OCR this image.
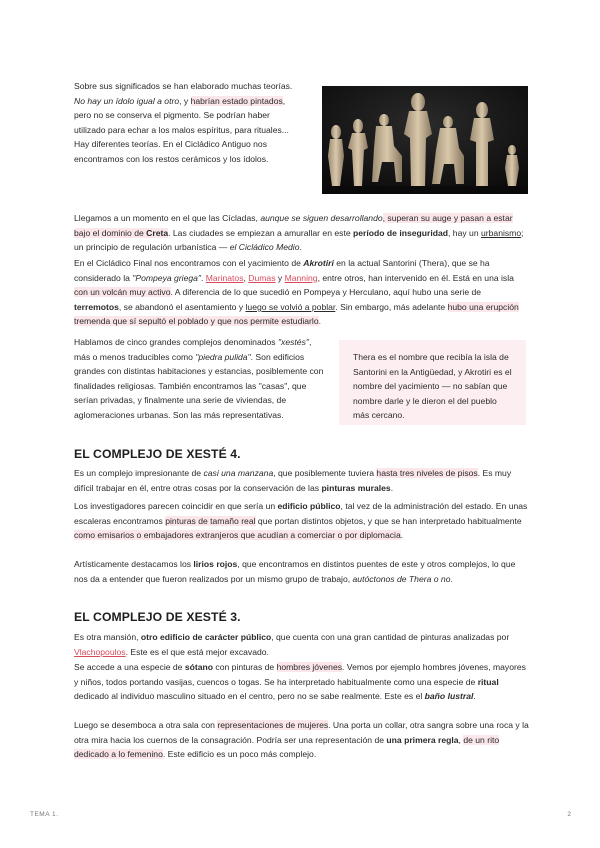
Sobre sus significados se han elaborado muchas teorías. No hay un ídolo igual a otro, y habrían estado pintados, pero no se conserva el pigmento. Se podrían haber utilizado para echar a los malos espíritus, para rituales... Hay diferentes teorías. En el Cicládico Antiguo nos encontramos con los restos cerámicos y los ídolos.

Llegamos a un momento en el que las Cícladas, aunque se siguen desarrollando, superan su auge y pasan a estar bajo el dominio de Creta. Las ciudades se empiezan a amurallar en este período de inseguridad, hay un urbanismo; un principio de regulación urbanística — el Cicládico Medio.

En el Cicládico Final nos encontramos con el yacimiento de Akrotiri en la actual Santorini (Thera), que se ha considerado la "Pompeya griega". Marinatos, Dumas y Manning, entre otros, han intervenido en él. Está en una isla con un volcán muy activo. A diferencia de lo que sucedió en Pompeya y Herculano, aquí hubo una serie de terremotos, se abandonó el asentamiento y luego se volvió a poblar. Sin embargo, más adelante hubo una erupción tremenda que sí sepultó el poblado y que nos permite estudiarlo.

Hablamos de cinco grandes complejos denominados "xestés", más o menos traducibles como "piedra pulida". Son edificios grandes con distintas habitaciones y estancias, posiblemente con finalidades religiosas. También encontramos las "casas", que serían privadas, y finalmente una serie de viviendas, de aglomeraciones urbanas. Son las más representativas.

Thera es el nombre que recibía la isla de Santorini en la Antigüedad, y Akrotiri es el nombre del yacimiento — no sabían que nombre darle y le dieron el del pueblo más cercano.
EL COMPLEJO DE XESTÉ 4.

Es un complejo impresionante de casi una manzana, que posiblemente tuviera hasta tres niveles de pisos. Es muy difícil trabajar en él, entre otras cosas por la conservación de las pinturas murales.

Los investigadores parecen coincidir en que sería un edificio público, tal vez de la administración del estado. En unas escaleras encontramos pinturas de tamaño real que portan distintos objetos, y que se han interpretado habitualmente como emisarios o embajadores extranjeros que acudían a comerciar o por diplomacia.

Artísticamente destacamos los lirios rojos, que encontramos en distintos puentes de este y otros complejos, lo que nos da a entender que fueron realizados por un mismo grupo de trabajo, autóctonos de Thera o no.

EL COMPLEJO DE XESTÉ 3.

Es otra mansión, otro edificio de carácter público, que cuenta con una gran cantidad de pinturas analizadas por Vlachopoulos. Este es el que está mejor excavado.

Se accede a una especie de sótano con pinturas de hombres jóvenes. Vemos por ejemplo hombres jóvenes, mayores y niños, todos portando vasijas, cuencos o togas. Se ha interpretado habitualmente como una especie de ritual dedicado al individuo masculino situado en el centro, pero no se sabe realmente. Este es el baño lustral.

Luego se desemboca a otra sala con representaciones de mujeres. Una porta un collar, otra sangra sobre una roca y la otra mira hacia los cuernos de la consagración. Podría ser una representación de una primera regla, de un rito dedicado a lo femenino. Este edificio es un poco más complejo.

TEMA 1.	2
